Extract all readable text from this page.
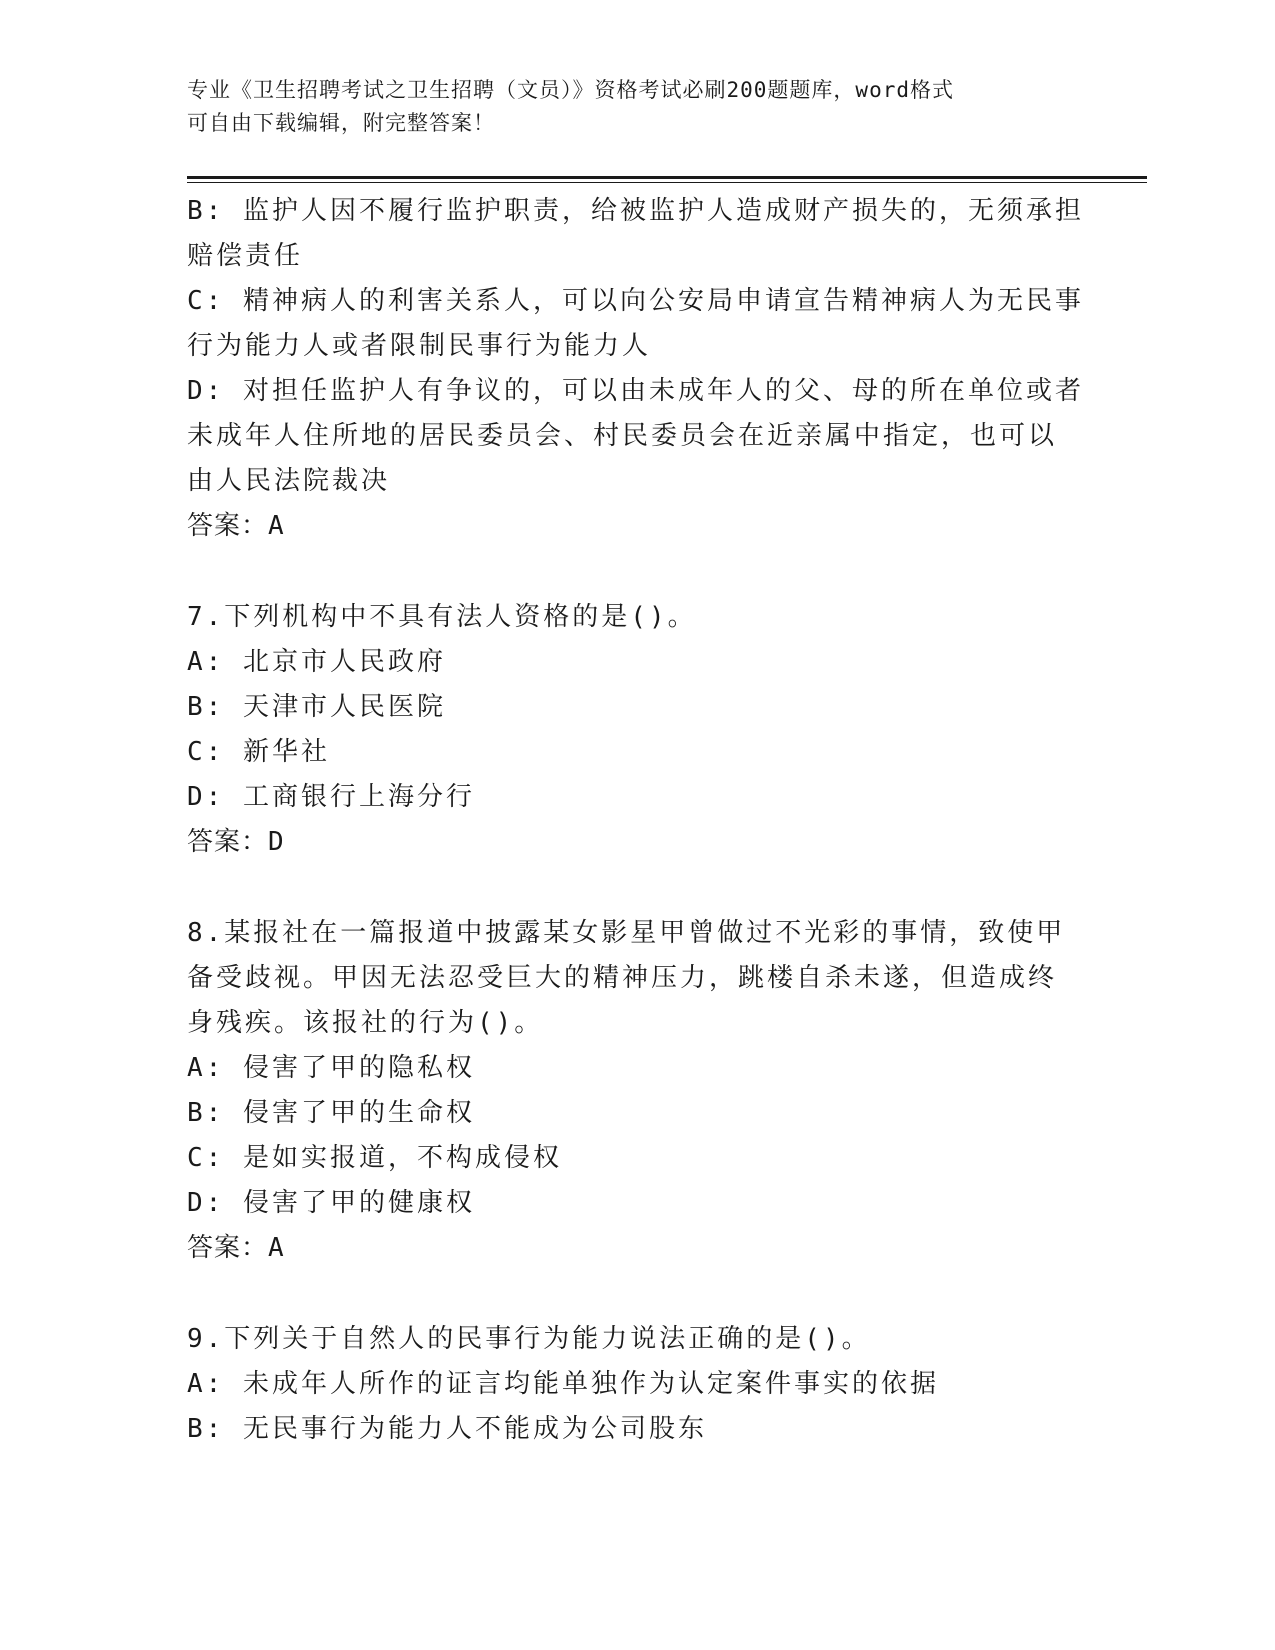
专业《卫生招聘考试之卫生招聘（文员）》资格考试必刷200题题库，word格式
可自由下载编辑，附完整答案！
B: 监护人因不履行监护职责，给被监护人造成财产损失的，无须承担
赔偿责任
C: 精神病人的利害关系人，可以向公安局申请宣告精神病人为无民事
行为能力人或者限制民事行为能力人
D: 对担任监护人有争议的，可以由未成年人的父、母的所在单位或者
未成年人住所地的居民委员会、村民委员会在近亲属中指定，也可以
由人民法院裁决
答案：A
7.下列机构中不具有法人资格的是()。
A: 北京市人民政府
B: 天津市人民医院
C: 新华社
D: 工商银行上海分行
答案：D
8.某报社在一篇报道中披露某女影星甲曾做过不光彩的事情，致使甲
备受歧视。甲因无法忍受巨大的精神压力，跳楼自杀未遂，但造成终
身残疾。该报社的行为()。
A: 侵害了甲的隐私权
B: 侵害了甲的生命权
C: 是如实报道，不构成侵权
D: 侵害了甲的健康权
答案：A
9.下列关于自然人的民事行为能力说法正确的是()。
A: 未成年人所作的证言均能单独作为认定案件事实的依据
B: 无民事行为能力人不能成为公司股东
